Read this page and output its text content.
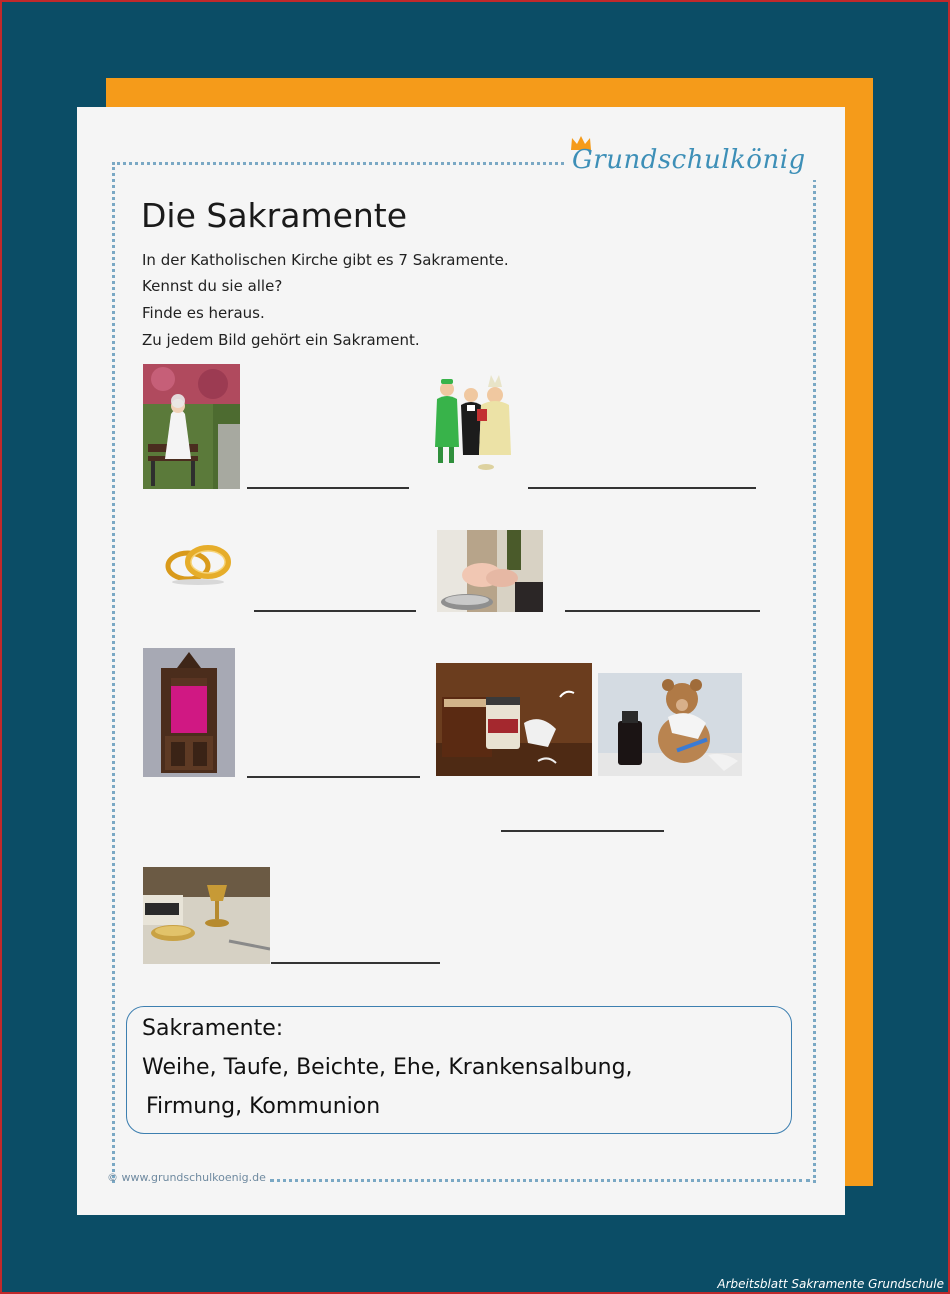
Grundschulkönig
Die Sakramente
In der Katholischen Kirche gibt es 7 Sakramente.
Kennst du sie alle?
Finde es heraus.
Zu jedem Bild gehört ein Sakrament.
Sakramente:
Weihe, Taufe, Beichte, Ehe, Krankensalbung,
Firmung, Kommunion
© www.grundschulkoenig.de
Arbeitsblatt Sakramente Grundschule
